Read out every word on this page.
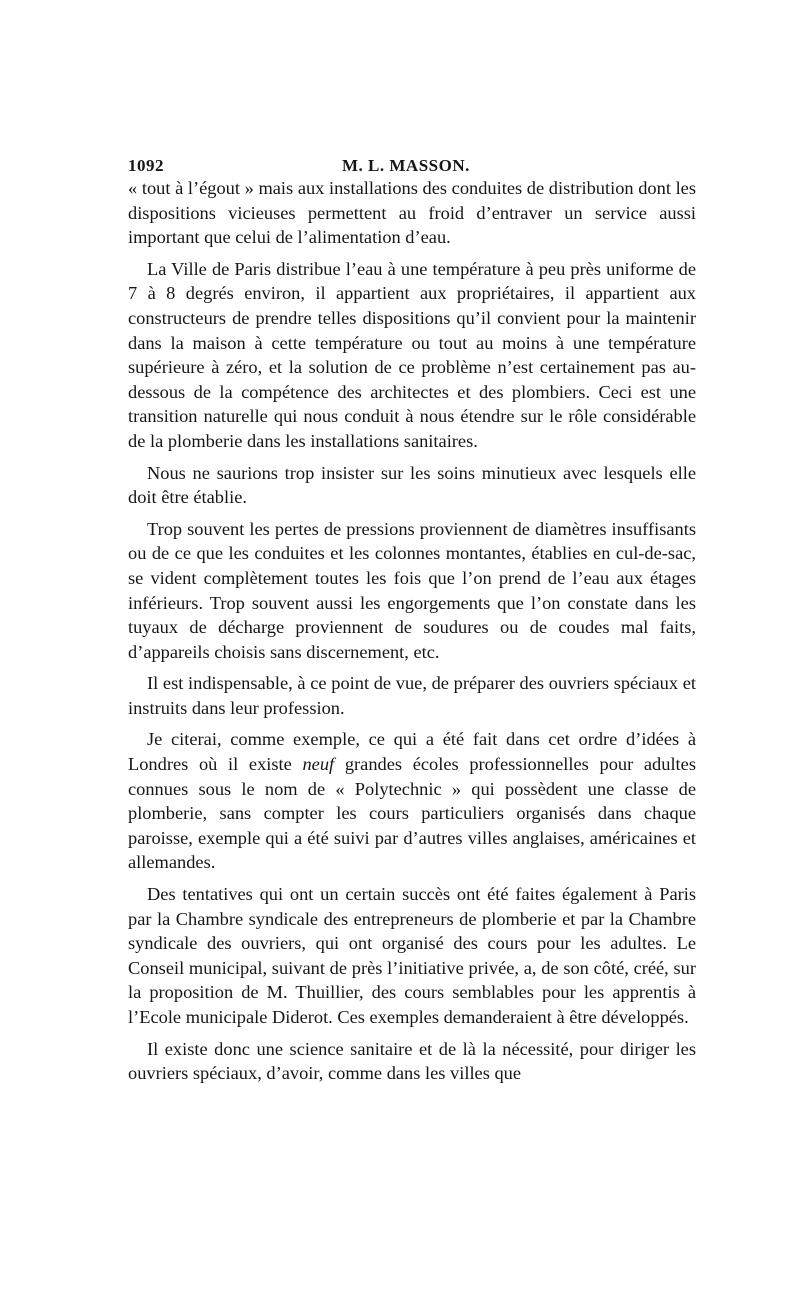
1092	M. L. MASSON.

« tout à l’égout » mais aux installations des conduites de distribution dont les dispositions vicieuses permettent au froid d’entraver un service aussi important que celui de l’alimentation d’eau.

La Ville de Paris distribue l’eau à une température à peu près uniforme de 7 à 8 degrés environ, il appartient aux propriétaires, il appartient aux constructeurs de prendre telles dispositions qu’il convient pour la maintenir dans la maison à cette température ou tout au moins à une température supérieure à zéro, et la solution de ce problème n’est certainement pas au-dessous de la compétence des architectes et des plombiers. Ceci est une transition naturelle qui nous conduit à nous étendre sur le rôle considérable de la plomberie dans les installations sanitaires.

Nous ne saurions trop insister sur les soins minutieux avec lesquels elle doit être établie.

Trop souvent les pertes de pressions proviennent de diamètres insuffisants ou de ce que les conduites et les colonnes montantes, établies en cul-de-sac, se vident complètement toutes les fois que l’on prend de l’eau aux étages inférieurs. Trop souvent aussi les engorgements que l’on constate dans les tuyaux de décharge proviennent de soudures ou de coudes mal faits, d’appareils choisis sans discernement, etc.

Il est indispensable, à ce point de vue, de préparer des ouvriers spéciaux et instruits dans leur profession.

Je citerai, comme exemple, ce qui a été fait dans cet ordre d’idées à Londres où il existe neuf grandes écoles professionnelles pour adultes connues sous le nom de « Polytechnic » qui possèdent une classe de plomberie, sans compter les cours particuliers organisés dans chaque paroisse, exemple qui a été suivi par d’autres villes anglaises, américaines et allemandes.

Des tentatives qui ont un certain succès ont été faites également à Paris par la Chambre syndicale des entrepreneurs de plomberie et par la Chambre syndicale des ouvriers, qui ont organisé des cours pour les adultes. Le Conseil municipal, suivant de près l’initiative privée, a, de son côté, créé, sur la proposition de M. Thuillier, des cours semblables pour les apprentis à l’Ecole municipale Diderot. Ces exemples demanderaient à être développés.

Il existe donc une science sanitaire et de là la nécessité, pour diriger les ouvriers spéciaux, d’avoir, comme dans les villes que
